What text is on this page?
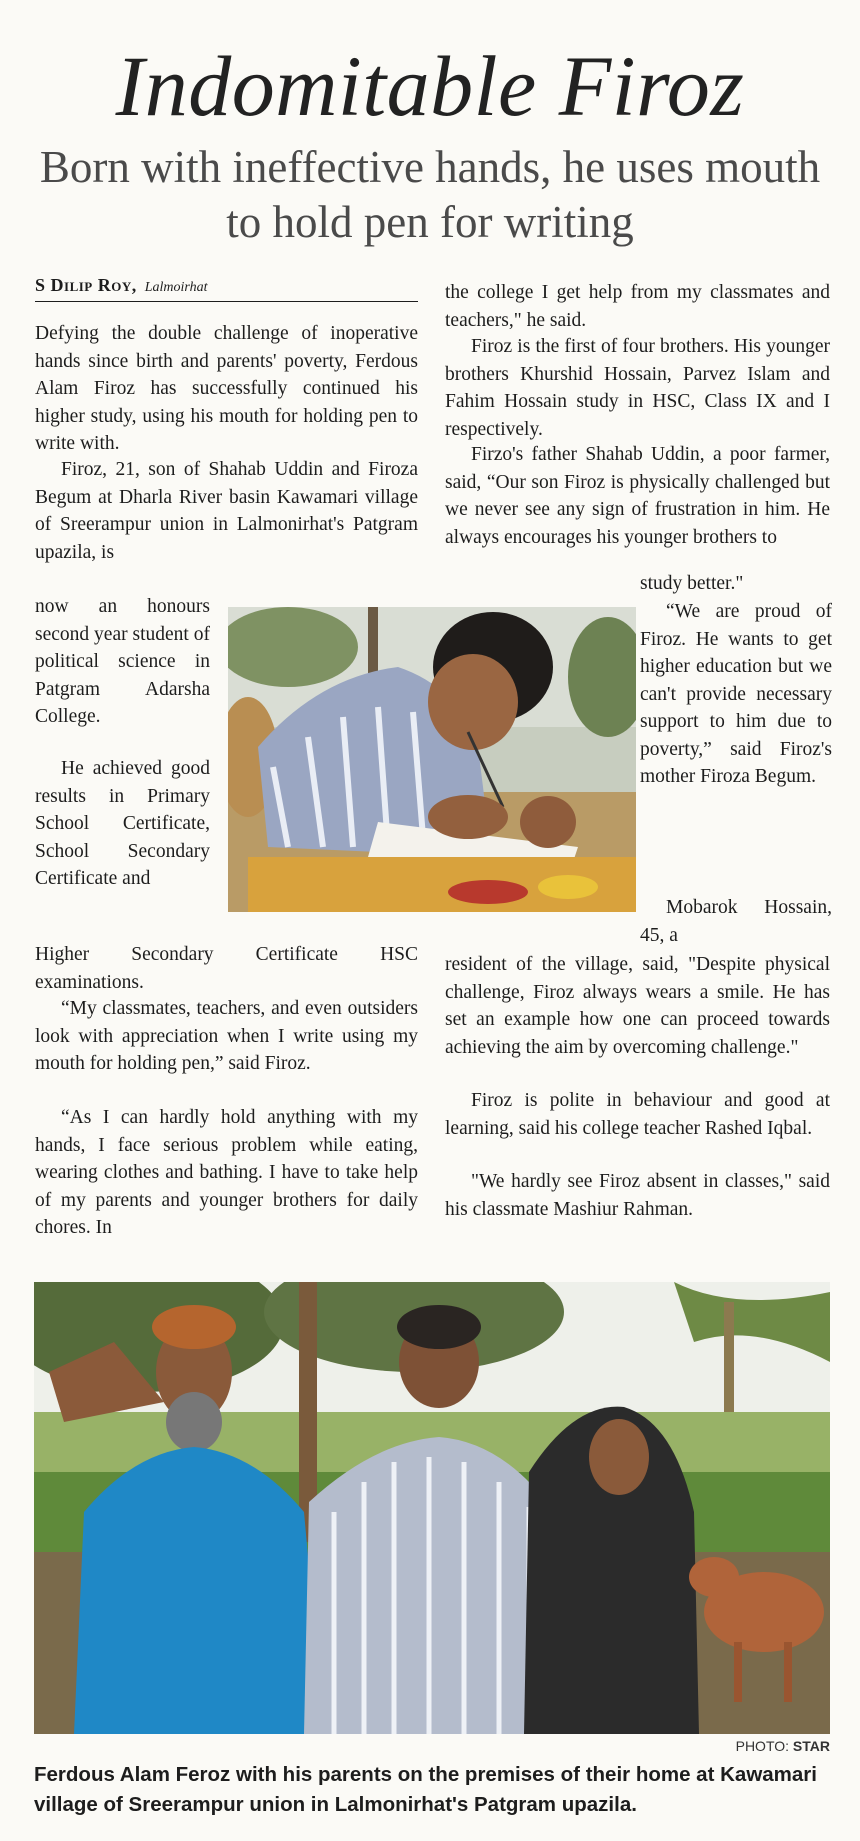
Indomitable Firoz
Born with ineffective hands, he uses mouth to hold pen for writing
S Dilip Roy, Lalmoirhat

Defying the double challenge of inoperative hands since birth and parents' poverty, Ferdous Alam Firoz has successfully continued his higher study, using his mouth for holding pen to write with.

Firoz, 21, son of Shahab Uddin and Firoza Begum at Dharla River basin Kawamari village of Sreerampur union in Lalmonirhat's Patgram upazila, is

now an honours second year student of political science in Patgram Adarsha College.

He achieved good results in Primary School Certificate, School Secondary Certificate and

Higher Secondary Certificate HSC examinations.

“My classmates, teachers, and even outsiders look with appreciation when I write using my mouth for holding pen,” said Firoz.

“As I can hardly hold anything with my hands, I face serious problem while eating, wearing clothes and bathing. I have to take help of my parents and younger brothers for daily chores. In

the college I get help from my classmates and teachers," he said.

Firoz is the first of four brothers. His younger brothers Khurshid Hossain, Parvez Islam and Fahim Hossain study in HSC, Class IX and I respectively.

Firzo's father Shahab Uddin, a poor farmer, said, “Our son Firoz is physically challenged but we never see any sign of frustration in him. He always encourages his younger brothers to

study better."

“We are proud of Firoz. He wants to get higher education but we can't provide necessary support to him due to poverty,” said Firoz's mother Firoza Begum.

Mobarok Hossain, 45, a

resident of the village, said, "Despite physical challenge, Firoz always wears a smile. He has set an example how one can proceed towards achieving the aim by overcoming challenge."

Firoz is polite in behaviour and good at learning, said his college teacher Rashed Iqbal.

"We hardly see Firoz absent in classes," said his classmate Mashiur Rahman.

PHOTO: STAR
Ferdous Alam Feroz with his parents on the premises of their home at Kawamari village of Sreerampur union in Lalmonirhat's Patgram upazila.
